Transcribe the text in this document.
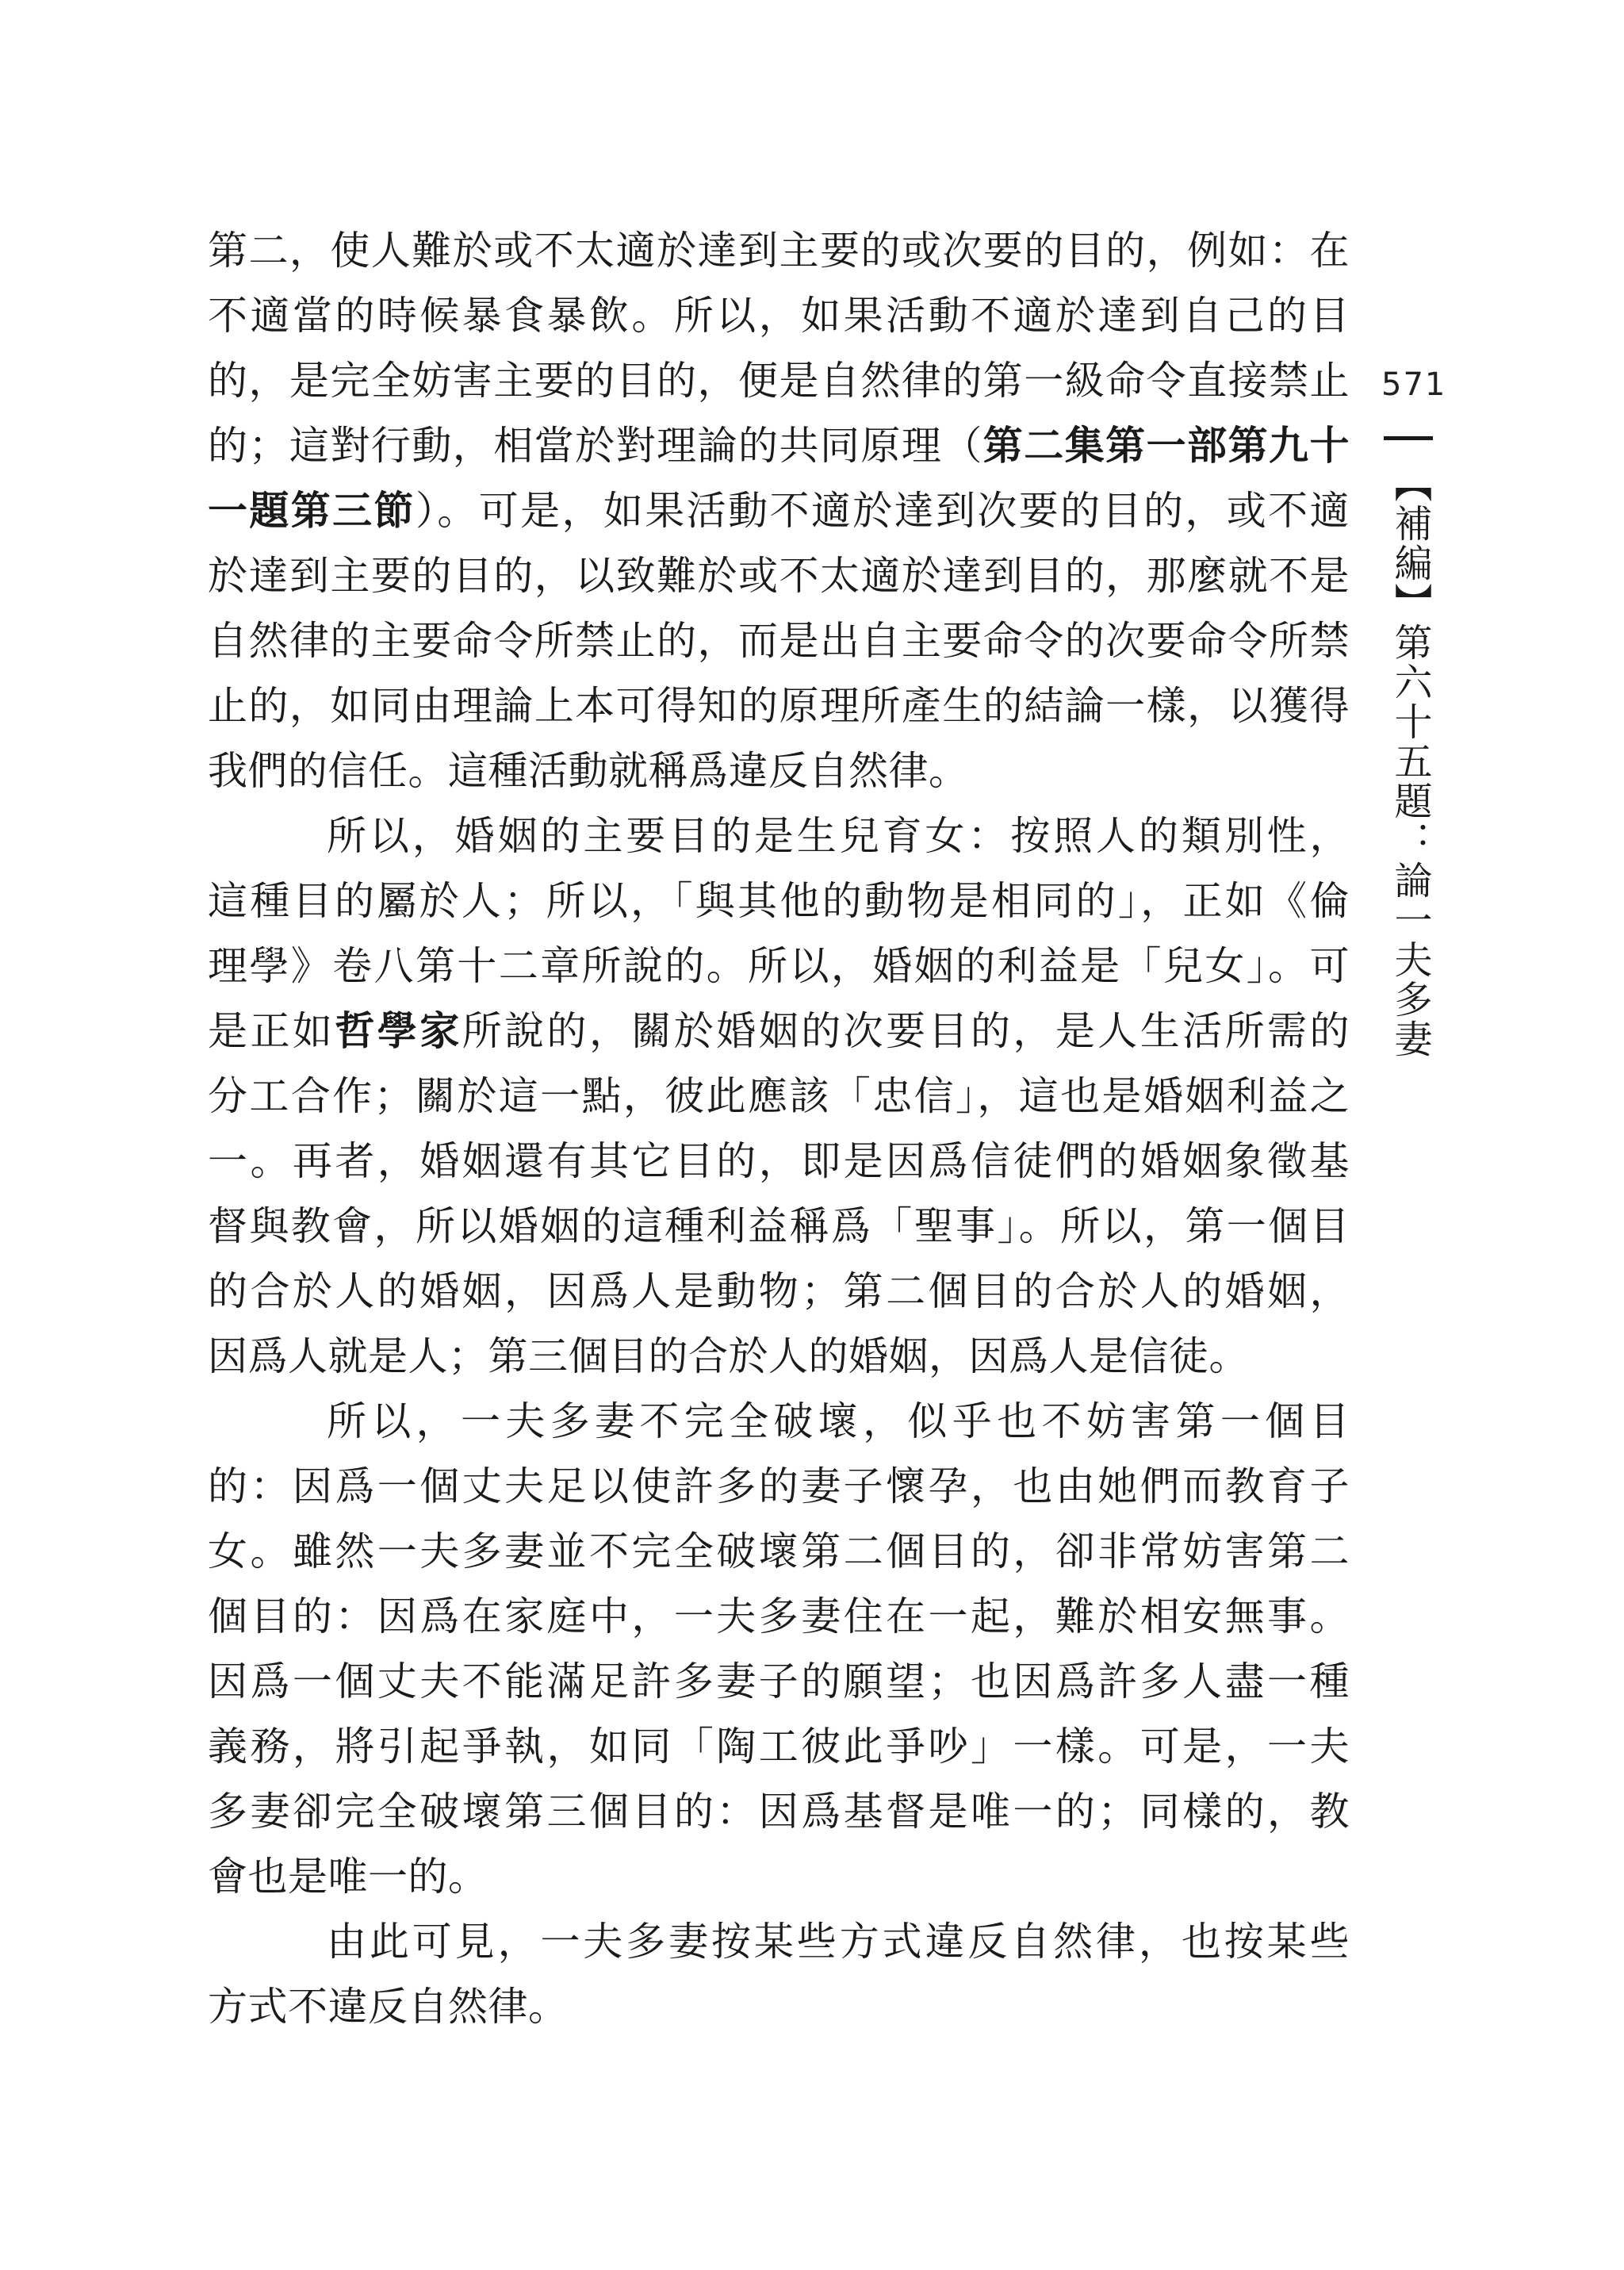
第二，使人難於或不太適於達到主要的或次要的目的，例如：在
不適當的時候暴食暴飲。所以，如果活動不適於達到自己的目
的，是完全妨害主要的目的，便是自然律的第一級命令直接禁止
的；這對行動，相當於對理論的共同原理（第二集第一部第九十
一題第三節）。可是，如果活動不適於達到次要的目的，或不適
於達到主要的目的，以致難於或不太適於達到目的，那麼就不是
自然律的主要命令所禁止的，而是出自主要命令的次要命令所禁
止的，如同由理論上本可得知的原理所產生的結論一樣，以獲得
我們的信任。這種活動就稱爲違反自然律。
所以，婚姻的主要目的是生兒育女：按照人的類別性，
這種目的屬於人；所以，「與其他的動物是相同的」，正如《倫
理學》卷八第十二章所說的。所以，婚姻的利益是「兒女」。可
是正如哲學家所說的，關於婚姻的次要目的，是人生活所需的
分工合作；關於這一點，彼此應該「忠信」，這也是婚姻利益之
一。再者，婚姻還有其它目的，即是因爲信徒們的婚姻象徵基
督與教會，所以婚姻的這種利益稱爲「聖事」。所以，第一個目
的合於人的婚姻，因爲人是動物；第二個目的合於人的婚姻，
因爲人就是人；第三個目的合於人的婚姻，因爲人是信徒。
所以，一夫多妻不完全破壞，似乎也不妨害第一個目
的：因爲一個丈夫足以使許多的妻子懷孕，也由她們而教育子
女。雖然一夫多妻並不完全破壞第二個目的，卻非常妨害第二
個目的：因爲在家庭中，一夫多妻住在一起，難於相安無事。
因爲一個丈夫不能滿足許多妻子的願望；也因爲許多人盡一種
義務，將引起爭執，如同「陶工彼此爭吵」一樣。可是，一夫
多妻卻完全破壞第三個目的：因爲基督是唯一的；同樣的，教
會也是唯一的。
由此可見，一夫多妻按某些方式違反自然律，也按某些
方式不違反自然律。
571
【補編】第六十五題：論一夫多妻
